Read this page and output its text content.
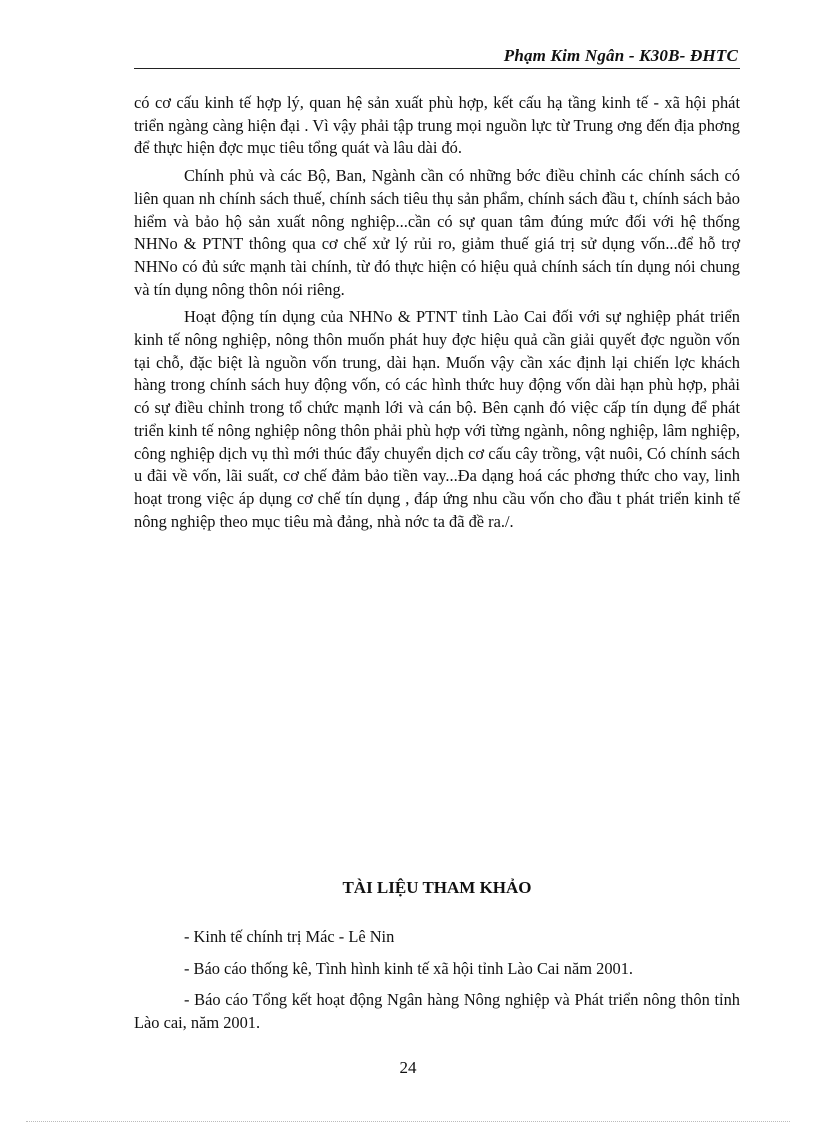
Phạm Kim Ngân - K30B- ĐHTC

có cơ cấu kinh tế hợp lý, quan hệ sản xuất phù hợp, kết cấu hạ tầng kinh tế - xã hội phát triển ngàng càng hiện đại . Vì vậy phải tập trung mọi nguồn lực từ Trung ơng đến địa phơng để thực hiện đợc mục tiêu tổng quát và lâu dài đó.

Chính phủ và các Bộ, Ban, Ngành cần có những bớc điều chỉnh các chính sách có liên quan nh chính sách thuế, chính sách tiêu thụ sản phẩm, chính sách đầu t, chính sách bảo hiểm và bảo hộ sản xuất nông nghiệp...cần có sự quan tâm đúng mức đối với hệ thống NHNo & PTNT thông qua cơ chế xử lý rủi ro, giảm thuế giá trị sử dụng vốn...để hỗ trợ NHNo có đủ sức mạnh tài chính, từ đó thực hiện có hiệu quả chính sách tín dụng nói chung và tín dụng nông thôn nói riêng.

Hoạt động tín dụng của NHNo & PTNT tỉnh Lào Cai đối với sự nghiệp phát triển kinh tế nông nghiệp, nông thôn muốn phát huy đợc hiệu quả cần giải quyết đợc nguồn vốn tại chỗ, đặc biệt là nguồn vốn trung, dài hạn. Muốn vậy cần xác định lại chiến lợc khách hàng trong chính sách huy động vốn, có các hình thức huy động vốn dài hạn phù hợp, phải có sự điều chỉnh trong tổ chức mạnh lới và cán bộ. Bên cạnh đó việc cấp tín dụng để phát triển kinh tế nông nghiệp nông thôn phải phù hợp với từng ngành, nông nghiệp, lâm nghiệp, công nghiệp dịch vụ thì mới thúc đẩy chuyển dịch cơ cấu cây trồng, vật nuôi, Có chính sách u đãi về vốn, lãi suất, cơ chế đảm bảo tiền vay...Đa dạng hoá các phơng thức cho vay, linh hoạt trong việc áp dụng cơ chế tín dụng , đáp ứng nhu cầu vốn cho đầu t phát triển kinh tế nông nghiệp theo mục tiêu mà đảng, nhà nớc ta đã đề ra./.

TÀI LIỆU THAM KHẢO

- Kinh tế chính trị Mác - Lê Nin

- Báo cáo thống kê, Tình hình kinh tế xã hội tỉnh Lào Cai năm 2001.

- Báo cáo Tổng kết hoạt động Ngân hàng Nông nghiệp và Phát triển nông thôn tỉnh Lào cai, năm 2001.

24
